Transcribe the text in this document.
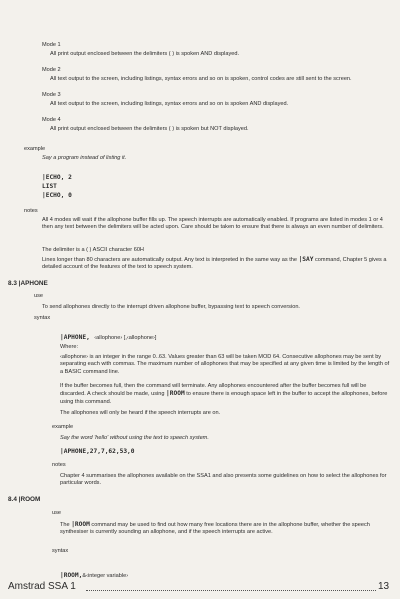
Mode 1
All print output enclosed between the delimiters ( ) is spoken AND displayed.
Mode 2
All text output to the screen, including listings, syntax errors and so on is spoken, control codes are still sent to the screen.
Mode 3
All text output to the screen, including listings, syntax errors and so on is spoken AND displayed.
Mode 4
All print output enclosed between the delimiters ( ) is spoken but NOT displayed.
example
Say a program instead of listing it.
|ECHO, 2
LIST
|ECHO, 0
notes
All 4 modes will wait if the allophone buffer fills up. The speech interrupts are automatically enabled. If programs are listed in modes 1 or 4 then any text between the delimiters will be acted upon. Care should be taken to ensure that there is always an even number of delimiters.
The delimiter is a ( ) ASCII character 60H
Lines longer than 80 characters are automatically output. Any text is interpreted in the same way as the |SAY command, Chapter 5 gives a detailed account of the features of the text to speech system.
8.3 |APHONE
use
To send allophones directly to the interrupt driven allophone buffer, bypassing text to speech conversion.
syntax
|APHONE, ‹allophone› [,‹allophone›]
Where:
‹allophone› is an integer in the range 0..63. Values greater than 63 will be taken MOD 64. Consecutive allophones may be sent by separating each with commas. The maximum number of allophones that may be specified at any given time is limited by the length of a BASIC command line.
If the buffer becomes full, then the command will terminate. Any allophones encountered after the buffer becomes full will be discarded. A check should be made, using |ROOM to ensure there is enough space left in the buffer to accept the allophones, before using this command.
The allophones will only be heard if the speech interrupts are on.
example
Say the word 'hello' without using the text to speech system.
|APHONE,27,7,62,53,0
notes
Chapter 4 summarises the allophones available on the SSA1 and also presents some guidelines on how to select the allophones for particular words.
8.4 |ROOM
use
The |ROOM command may be used to find out how many free locations there are in the allophone buffer, whether the speech synthesiser is currently sounding an allophone, and if the speech interrupts are active.
syntax
|ROOM,&‹integer variable›
Amstrad SSA 1	13
